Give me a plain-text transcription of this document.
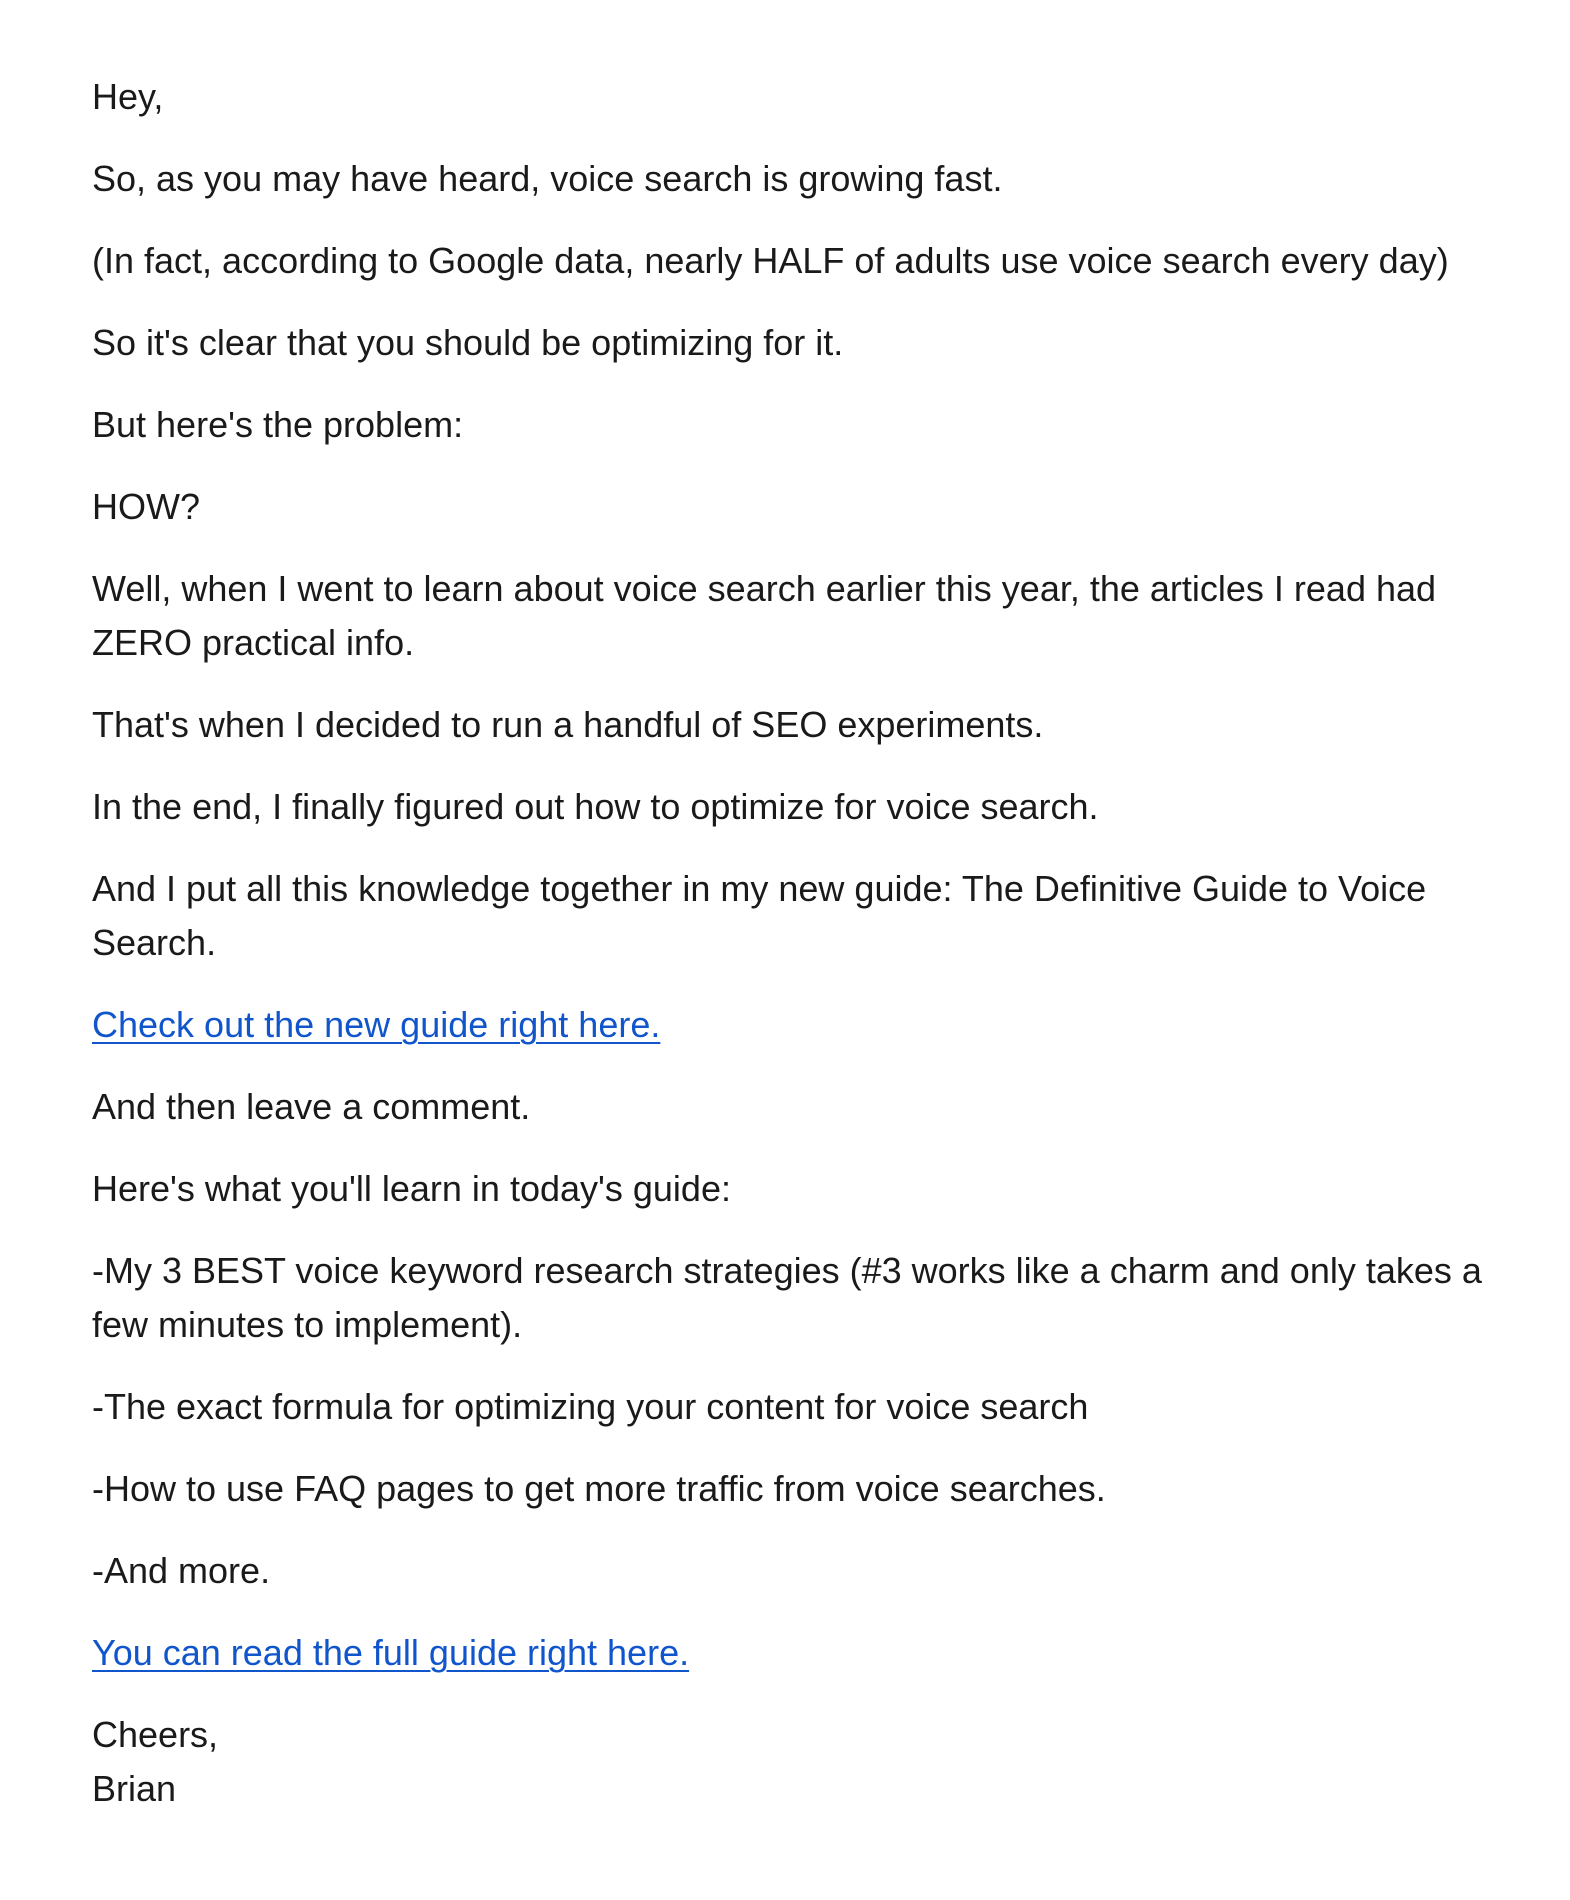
Hey,

So, as you may have heard, voice search is growing fast.

(In fact, according to Google data, nearly HALF of adults use voice search every day)

So it's clear that you should be optimizing for it.

But here's the problem:

HOW?

Well, when I went to learn about voice search earlier this year, the articles I read had ZERO practical info.

That's when I decided to run a handful of SEO experiments.

In the end, I finally figured out how to optimize for voice search.

And I put all this knowledge together in my new guide: The Definitive Guide to Voice Search.

Check out the new guide right here.

And then leave a comment.

Here's what you'll learn in today's guide:

-My 3 BEST voice keyword research strategies (#3 works like a charm and only takes a few minutes to implement).

-The exact formula for optimizing your content for voice search

-How to use FAQ pages to get more traffic from voice searches.

-And more.

You can read the full guide right here.

Cheers,
Brian
